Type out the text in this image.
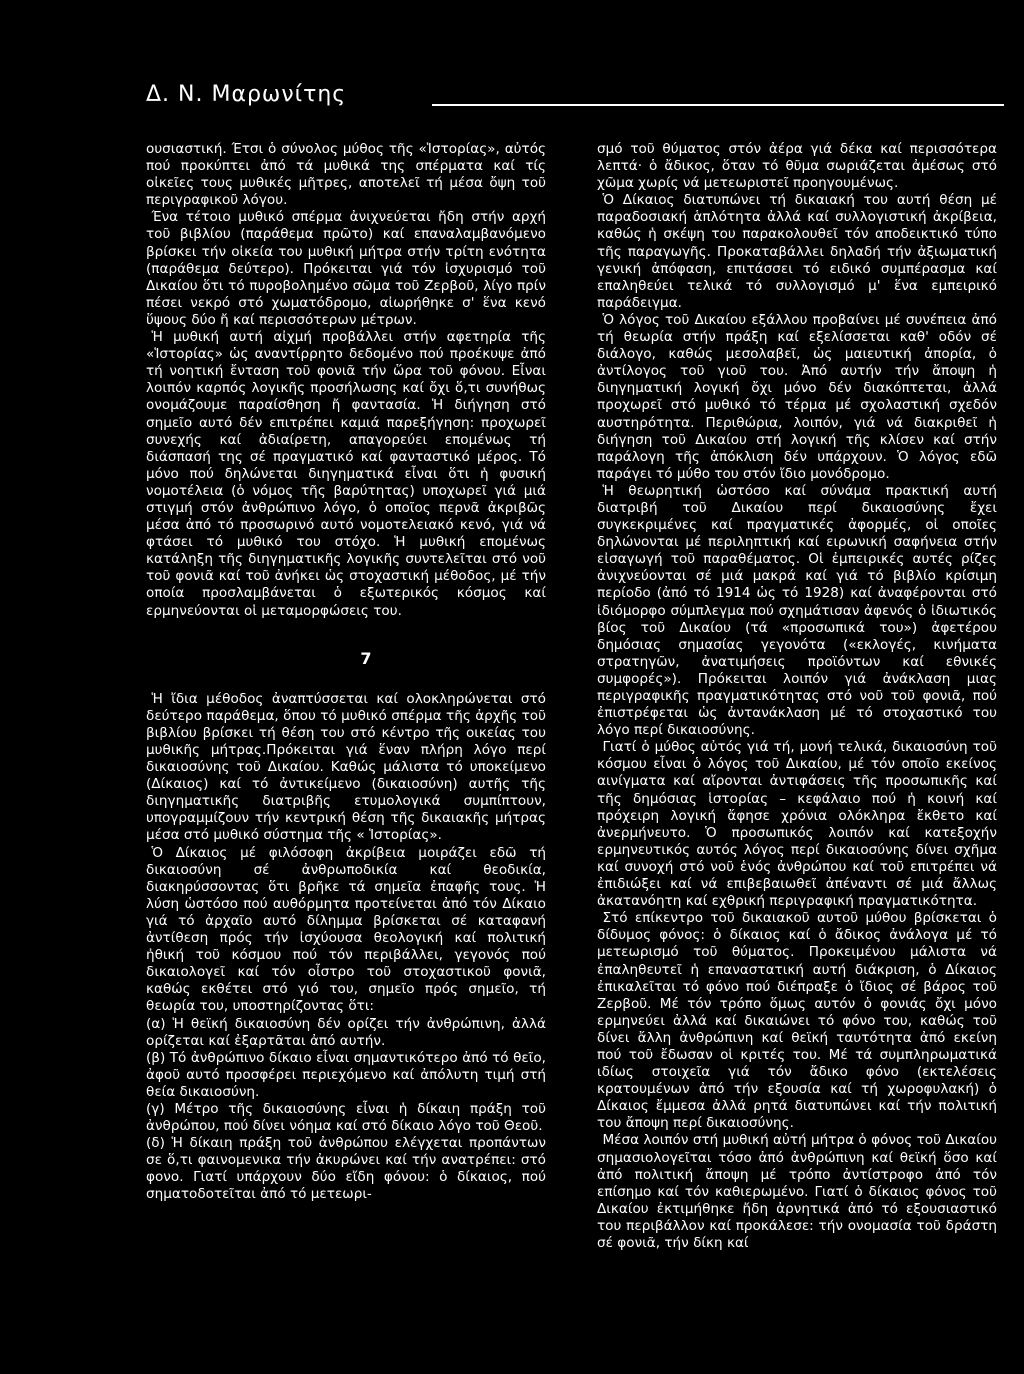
Δ. Ν. Μαρωνίτης

ουσιαστική. Έτσι ὁ σύνολος μύθος τῆς «Ἱστορίας», αὐτός πού προκύπτει ἀπό τά μυθικά της σπέρματα καί τίς οἰκεῖες τους μυθικές μῆτρες, αποτελεῖ τή μέσα ὄψη τοῦ περιγραφικοῦ λόγου.

Ένα τέτοιο μυθικό σπέρμα ἀνιχνεύεται ἤδη στήν αρχή τοῦ βιβλίου (παράθεμα πρῶτο) καί επαναλαμβανόμενο βρίσκει τήν οἰκεία του μυθική μήτρα στήν τρίτη ενότητα (παράθεμα δεύτερο). Πρόκειται γιά τόν ἰσχυρισμό τοῦ Δικαίου ὅτι τό πυροβολημένο σῶμα τοῦ Ζερβοῦ, λίγο πρίν πέσει νεκρό στό χωματόδρομο, αἰωρήθηκε σ' ἕνα κενό ὕψους δύο ἤ καί περισσότερων μέτρων.

Ἡ μυθική αυτή αἰχμή προβάλλει στήν αφετηρία τῆς «Ἱστορίας» ὡς αναντίρρητο δεδομένο πού προέκυψε ἀπό τή νοητική ἔνταση τοῦ φονιᾶ τήν ὥρα τοῦ φόνου. Εἶναι λοιπόν καρπός λογικῆς προσήλωσης καί ὄχι ὅ,τι συνήθως ονομάζουμε παραίσθηση ἤ φαντασία. Ἡ διήγηση στό σημεῖο αυτό δέν επιτρέπει καμιά παρεξήγηση: προχωρεῖ συνεχής καί ἀδιαίρετη, απαγορεύει επομένως τή διάσπασή της σέ πραγματικό καί φανταστικό μέρος. Τό μόνο πού δηλώνεται διηγηματικά εἶναι ὅτι ἡ φυσική νομοτέλεια (ὁ νόμος τῆς βαρύτητας) υποχωρεῖ γιά μιά στιγμή στόν ἀνθρώπινο λόγο, ὁ οποῖος περνᾶ ἀκριβῶς μέσα ἀπό τό προσωρινό αυτό νομοτελειακό κενό, γιά νά φτάσει τό μυθικό του στόχο. Ἡ μυθική επομένως κατάληξη τῆς διηγηματικῆς λογικῆς συντελεῖται στό νοῦ τοῦ φονιᾶ καί τοῦ ἀνήκει ὡς στοχαστική μέθοδος, μέ τήν οποία προσλαμβάνεται ὁ εξωτερικός κόσμος καί ερμηνεύονται οἱ μεταμορφώσεις του.

7

Ἡ ἴδια μέθοδος ἀναπτύσσεται καί ολοκληρώνεται στό δεύτερο παράθεμα, ὅπου τό μυθικό σπέρμα τῆς ἀρχῆς τοῦ βιβλίου βρίσκει τή θέση του στό κέντρο τῆς οικείας του μυθικῆς μήτρας.Πρόκειται γιά ἕναν πλήρη λόγο περί δικαιοσύνης τοῦ Δικαίου. Καθώς μάλιστα τό υποκείμενο (Δίκαιος) καί τό ἀντικείμενο (δικαιοσύνη) αυτῆς τῆς διηγηματικῆς διατριβῆς ετυμολογικά συμπίπτουν, υπογραμμίζουν τήν κεντρική θέση τῆς δικαιακῆς μήτρας μέσα στό μυθικό σύστημα τῆς « Ἱστορίας».

Ὁ Δίκαιος μέ φιλόσοφη ἀκρίβεια μοιράζει εδῶ τή δικαιοσύνη σέ ἀνθρωποδικία καί θεοδικία, διακηρύσσοντας ὅτι βρῆκε τά σημεῖα ἐπαφῆς τους. Ἡ λύση ὡστόσο πού αυθόρμητα προτείνεται ἀπό τόν Δίκαιο γιά τό ἀρχαῖο αυτό δίλημμα βρίσκεται σέ καταφανή ἀντίθεση πρός τήν ἰσχύουσα θεολογική καί πολιτική ἠθική τοῦ κόσμου πού τόν περιβάλλει, γεγονός πού δικαιολογεῖ καί τόν οἶστρο τοῦ στοχαστικοῦ φονιᾶ, καθώς εκθέτει στό γιό του, σημεῖο πρός σημεῖο, τή θεωρία του, υποστηρίζοντας ὅτι:

(α) Ἡ θεϊκή δικαιοσύνη δέν ορίζει τήν ἀνθρώπινη, ἀλλά ορίζεται καί ἐξαρτᾶται ἀπό αυτήν.

(β) Τό ἀνθρώπινο δίκαιο εἶναι σημαντικότερο ἀπό τό θεῖο, ἀφοῦ αυτό προσφέρει περιεχόμενο καί ἀπόλυτη τιμή στή θεία δικαιοσύνη.

(γ) Μέτρο τῆς δικαιοσύνης εἶναι ἡ δίκαιη πράξη τοῦ ἀνθρώπου, πού δίνει νόημα καί στό δίκαιο λόγο τοῦ Θεοῦ.

(δ) Ἡ δίκαιη πράξη τοῦ ἀνθρώπου ελέγχεται προπάντων σε ὅ,τι φαινομενικα τήν ἀκυρώνει καί τήν ανατρέπει: στό φονο. Γιατί υπάρχουν δύο εἴδη φόνου: ὁ δίκαιος, πού σηματοδοτεῖται ἀπό τό μετεωρι-

σμό τοῦ θύματος στόν ἀέρα γιά δέκα καί περισσότερα λεπτά· ὁ ἄδικος, ὅταν τό θῦμα σωριάζεται ἀμέσως στό χῶμα χωρίς νά μετεωριστεῖ προηγουμένως.

Ὁ Δίκαιος διατυπώνει τή δικαιακή του αυτή θέση μέ παραδοσιακή ἁπλότητα ἀλλά καί συλλογιστική ἀκρίβεια, καθώς ἡ σκέψη του παρακολουθεῖ τόν αποδεικτικό τύπο τῆς παραγωγῆς. Προκαταβάλλει δηλαδή τήν ἀξιωματική γενική ἀπόφαση, επιτάσσει τό ειδικό συμπέρασμα καί επαληθεύει τελικά τό συλλογισμό μ' ἕνα εμπειρικό παράδειγμα.

Ὁ λόγος τοῦ Δικαίου εξάλλου προβαίνει μέ συνέπεια ἀπό τή θεωρία στήν πράξη καί εξελίσσεται καθ' οδόν σέ διάλογο, καθώς μεσολαβεῖ, ὡς μαιευτική ἀπορία, ὁ ἀντίλογος τοῦ γιοῦ του. Ἀπό αυτήν τήν ἄποψη ἡ διηγηματική λογική ὄχι μόνο δέν διακόπτεται, ἀλλά προχωρεῖ στό μυθικό τό τέρμα μέ σχολαστική σχεδόν αυστηρότητα. Περιθώρια, λοιπόν, γιά νά διακριθεῖ ἡ διήγηση τοῦ Δικαίου στή λογική τῆς κλίσεν καί στήν παράλογη τῆς ἀπόκλιση δέν υπάρχουν. Ὁ λόγος εδῶ παράγει τό μύθο του στόν ἴδιο μονόδρομο.

Ἡ θεωρητική ὡστόσο καί σύνάμα πρακτική αυτή διατριβή τοῦ Δικαίου περί δικαιοσύνης ἔχει συγκεκριμένες καί πραγματικές ἀφορμές, οἱ οποῖες δηλώνονται μέ περιληπτική καί ειρωνική σαφήνεια στήν εἰσαγωγή τοῦ παραθέματος. Οἱ ἐμπειρικές αυτές ρίζες ἀνιχνεύονται σέ μιά μακρά καί γιά τό βιβλίο κρίσιμη περίοδο (ἀπό τό 1914 ὡς τό 1928) καί ἀναφέρονται στό ἰδιόμορφο σύμπλεγμα πού σχημάτισαν ἀφενός ὁ ἰδιωτικός βίος τοῦ Δικαίου (τά «προσωπικά του») ἀφετέρου δημόσιας σημασίας γεγονότα («εκλογές, κινήματα στρατηγῶν, ἀνατιμήσεις προϊόντων καί εθνικές συμφορές»). Πρόκειται λοιπόν γιά ἀνάκλαση μιας περιγραφικῆς πραγματικότητας στό νοῦ τοῦ φονιᾶ, πού ἐπιστρέφεται ὡς ἀντανάκλαση μέ τό στοχαστικό του λόγο περί δικαιοσύνης.

Γιατί ὁ μύθος αὐτός γιά τή, μονή τελικά, δικαιοσύνη τοῦ κόσμου εἶναι ὁ λόγος τοῦ Δικαίου, μέ τόν οποῖο εκείνος αινίγματα καί αἴρονται ἀντιφάσεις τῆς προσωπικῆς καί τῆς δημόσιας ἱστορίας – κεφάλαιο πού ἡ κοινή καί πρόχειρη λογική ἄφησε χρόνια ολόκληρα ἔκθετο καί ἀνερμήνευτο. Ὁ προσωπικός λοιπόν καί κατεξοχήν ερμηνευτικός αυτός λόγος περί δικαιοσύνης δίνει σχῆμα καί συνοχή στό νοῦ ἑνός ἀνθρώπου καί τοῦ επιτρέπει νά ἐπιδιώξει καί νά επιβεβαιωθεῖ ἀπέναντι σέ μιά ἄλλως ἀκατανόητη καί εχθρική περιγραφική πραγματικότητα.

Στό επίκεντρο τοῦ δικαιακοῦ αυτοῦ μύθου βρίσκεται ὁ δίδυμος φόνος: ὁ δίκαιος καί ὁ ἄδικος ἀνάλογα μέ τό μετεωρισμό τοῦ θύματος. Προκειμένου μάλιστα νά ἐπαληθευτεῖ ἡ επαναστατική αυτή διάκριση, ὁ Δίκαιος ἐπικαλεῖται τό φόνο πού διέπραξε ὁ ἴδιος σέ βάρος τοῦ Ζερβοῦ. Μέ τόν τρόπο ὅμως αυτόν ὁ φονιάς ὄχι μόνο ερμηνεύει ἀλλά καί δικαιώνει τό φόνο του, καθώς τοῦ δίνει ἄλλη ἀνθρώπινη καί θεϊκή ταυτότητα ἀπό εκείνη πού τοῦ ἔδωσαν οἱ κριτές του. Μέ τά συμπληρωματικά ιδίως στοιχεῖα γιά τόν ἄδικο φόνο (εκτελέσεις κρατουμένων ἀπό τήν εξουσία καί τή χωροφυλακή) ὁ Δίκαιος ἔμμεσα ἀλλά ρητά διατυπώνει καί τήν πολιτική του ἄποψη περί δικαιοσύνης.

Μέσα λοιπόν στή μυθική αὐτή μήτρα ὁ φόνος τοῦ Δικαίου σημασιολογεῖται τόσο ἀπό ἀνθρώπινη καί θεϊκή ὅσο καί ἀπό πολιτική ἄποψη μέ τρόπο ἀντίστροφο ἀπό τόν επίσημο καί τόν καθιερωμένο. Γιατί ὁ δίκαιος φόνος τοῦ Δικαίου ἐκτιμήθηκε ἤδη ἀρνητικά ἀπό τό εξουσιαστικό του περιβάλλον καί προκάλεσε: τήν ονομασία τοῦ δράστη σέ φονιᾶ, τήν δίκη καί
